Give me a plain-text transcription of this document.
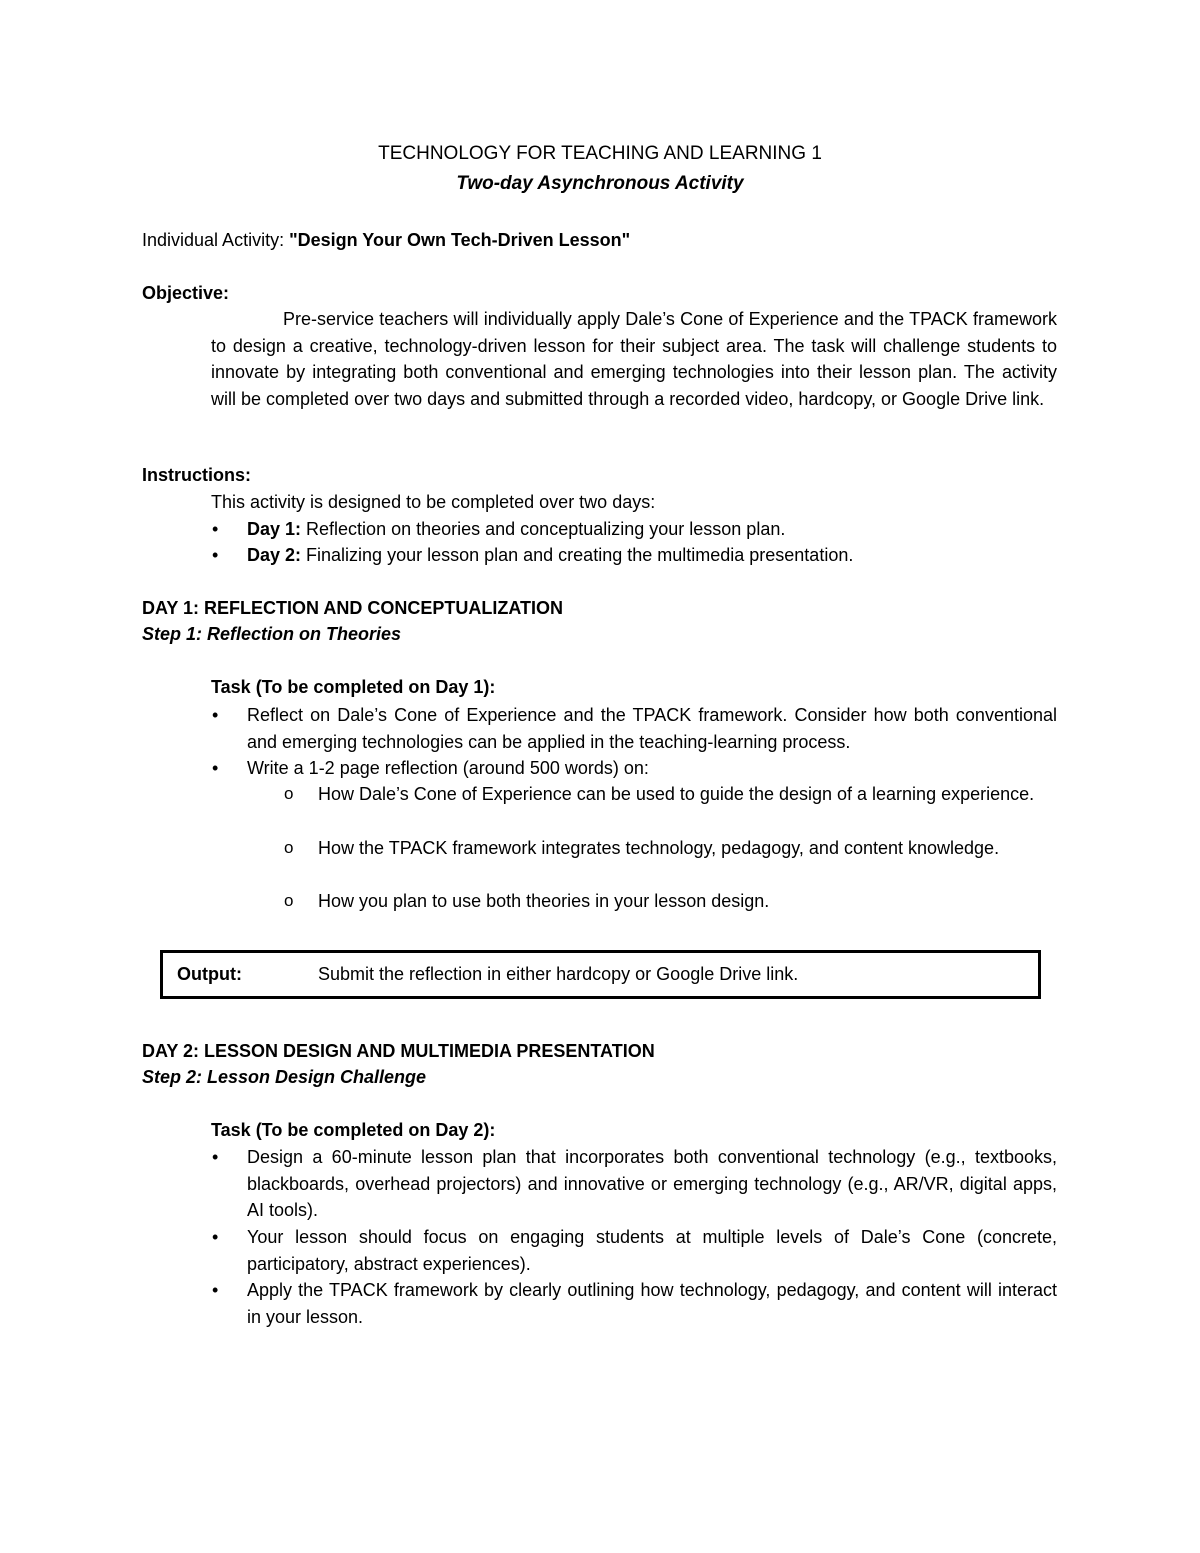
TECHNOLOGY FOR TEACHING AND LEARNING 1
Two-day Asynchronous Activity
Individual Activity: "Design Your Own Tech-Driven Lesson"
Objective:
Pre-service teachers will individually apply Dale’s Cone of Experience and the TPACK framework to design a creative, technology-driven lesson for their subject area. The task will challenge students to innovate by integrating both conventional and emerging technologies into their lesson plan. The activity will be completed over two days and submitted through a recorded video, hardcopy, or Google Drive link.
Instructions:
This activity is designed to be completed over two days:
• Day 1: Reflection on theories and conceptualizing your lesson plan.
• Day 2: Finalizing your lesson plan and creating the multimedia presentation.
DAY 1: REFLECTION AND CONCEPTUALIZATION
Step 1: Reflection on Theories
Task (To be completed on Day 1):
• Reflect on Dale’s Cone of Experience and the TPACK framework. Consider how both conventional and emerging technologies can be applied in the teaching-learning process.
• Write a 1-2 page reflection (around 500 words) on:
o How Dale’s Cone of Experience can be used to guide the design of a learning experience.
o How the TPACK framework integrates technology, pedagogy, and content knowledge.
o How you plan to use both theories in your lesson design.
Output:	Submit the reflection in either hardcopy or Google Drive link.
DAY 2: LESSON DESIGN AND MULTIMEDIA PRESENTATION
Step 2: Lesson Design Challenge
Task (To be completed on Day 2):
• Design a 60-minute lesson plan that incorporates both conventional technology (e.g., textbooks, blackboards, overhead projectors) and innovative or emerging technology (e.g., AR/VR, digital apps, AI tools).
• Your lesson should focus on engaging students at multiple levels of Dale’s Cone (concrete, participatory, abstract experiences).
• Apply the TPACK framework by clearly outlining how technology, pedagogy, and content will interact in your lesson.
